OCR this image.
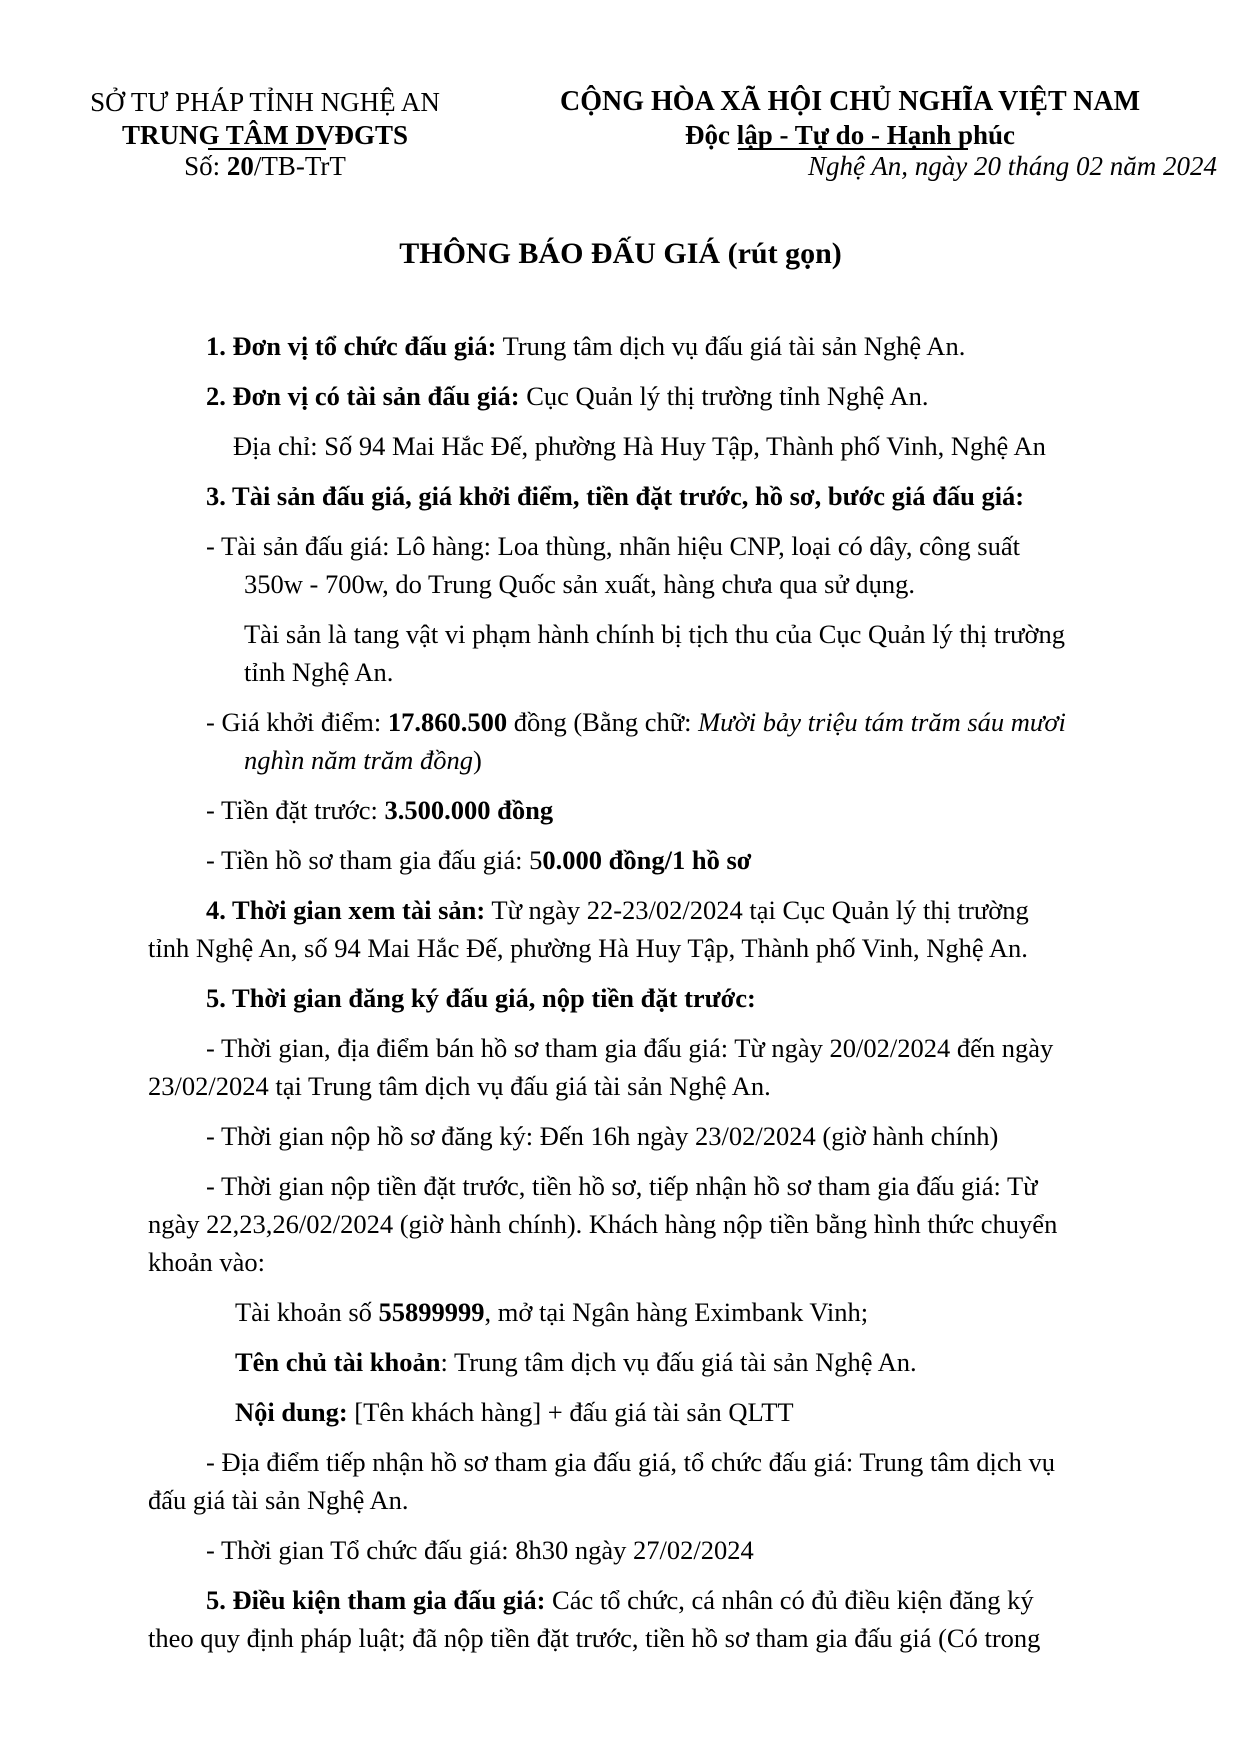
SỞ TƯ PHÁP TỈNH NGHỆ AN
TRUNG TÂM DVĐGTS
Số: 20/TB-TrT
CỘNG HÒA XÃ HỘI CHỦ NGHĨA VIỆT NAM
Độc lập - Tự do - Hạnh phúc
Nghệ An, ngày 20 tháng 02 năm 2024
THÔNG BÁO ĐẤU GIÁ (rút gọn)
1. Đơn vị tổ chức đấu giá: Trung tâm dịch vụ đấu giá tài sản Nghệ An.
2. Đơn vị có tài sản đấu giá: Cục Quản lý thị trường tỉnh Nghệ An.
Địa chỉ: Số 94 Mai Hắc Đế, phường Hà Huy Tập, Thành phố Vinh, Nghệ An
3. Tài sản đấu giá, giá khởi điểm, tiền đặt trước, hồ sơ, bước giá đấu giá:
- Tài sản đấu giá: Lô hàng: Loa thùng, nhãn hiệu CNP, loại có dây, công suất
350w - 700w, do Trung Quốc sản xuất, hàng chưa qua sử dụng.
Tài sản là tang vật vi phạm hành chính bị tịch thu của Cục Quản lý thị trường
tỉnh Nghệ An.
- Giá khởi điểm: 17.860.500 đồng (Bằng chữ: Mười bảy triệu tám trăm sáu mươi
nghìn năm trăm đồng)
- Tiền đặt trước: 3.500.000 đồng
- Tiền hồ sơ tham gia đấu giá: 50.000 đồng/1 hồ sơ
4. Thời gian xem tài sản: Từ ngày 22-23/02/2024 tại Cục Quản lý thị trường
tỉnh Nghệ An, số 94 Mai Hắc Đế, phường Hà Huy Tập, Thành phố Vinh, Nghệ An.
5. Thời gian đăng ký đấu giá, nộp tiền đặt trước:
- Thời gian, địa điểm bán hồ sơ tham gia đấu giá: Từ ngày 20/02/2024 đến ngày
23/02/2024 tại Trung tâm dịch vụ đấu giá tài sản Nghệ An.
- Thời gian nộp hồ sơ đăng ký: Đến 16h ngày 23/02/2024 (giờ hành chính)
- Thời gian nộp tiền đặt trước, tiền hồ sơ, tiếp nhận hồ sơ tham gia đấu giá: Từ
ngày 22,23,26/02/2024 (giờ hành chính). Khách hàng nộp tiền bằng hình thức chuyển
khoản vào:
Tài khoản số 55899999, mở tại Ngân hàng Eximbank Vinh;
Tên chủ tài khoản: Trung tâm dịch vụ đấu giá tài sản Nghệ An.
Nội dung: [Tên khách hàng] + đấu giá tài sản QLTT
- Địa điểm tiếp nhận hồ sơ tham gia đấu giá, tổ chức đấu giá: Trung tâm dịch vụ
đấu giá tài sản Nghệ An.
- Thời gian Tổ chức đấu giá: 8h30 ngày 27/02/2024
5. Điều kiện tham gia đấu giá: Các tổ chức, cá nhân có đủ điều kiện đăng ký
theo quy định pháp luật; đã nộp tiền đặt trước, tiền hồ sơ tham gia đấu giá (Có trong
